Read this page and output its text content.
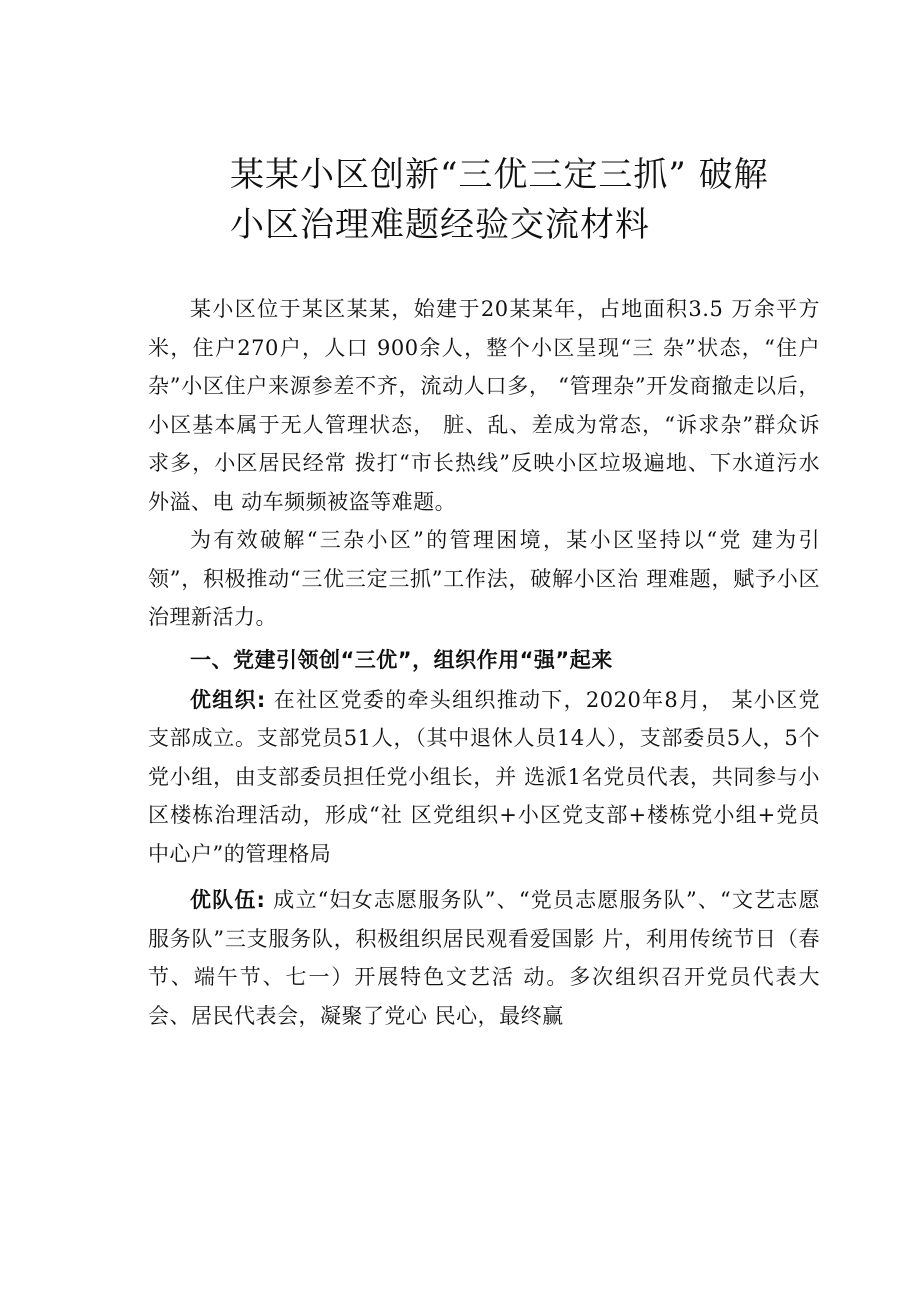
某某小区创新“三优三定三抓” 破解
小区治理难题经验交流材料

某小区位于某区某某，始建于20某某年，占地面积3.5 万余平方米，住户270户，人口 900余人，整个小区呈现“三 杂”状态，“住户杂”小区住户来源参差不齐，流动人口多， “管理杂”开发商撤走以后，小区基本属于无人管理状态， 脏、乱、差成为常态，“诉求杂”群众诉求多，小区居民经常 拨打“市长热线”反映小区垃圾遍地、下水道污水外溢、电 动车频频被盗等难题。

为有效破解“三杂小区”的管理困境，某小区坚持以“党 建为引领”，积极推动“三优三定三抓”工作法，破解小区治 理难题，赋予小区治理新活力。

一、党建引领创“三优”，组织作用“强”起来

优组织: 在社区党委的牵头组织推动下，2020年8月， 某小区党支部成立。支部党员51人，（其中退休人员14人），支部委员5人，5个党小组，由支部委员担任党小组长，并 选派1名党员代表，共同参与小区楼栋治理活动，形成“社 区党组织+小区党支部+楼栋党小组+党员中心户”的管理格局

优队伍: 成立“妇女志愿服务队”、“党员志愿服务队”、“文艺志愿服务队”三支服务队，积极组织居民观看爱国影 片，利用传统节日（春节、端午节、七一）开展特色文艺活 动。多次组织召开党员代表大会、居民代表会，凝聚了党心 民心，最终赢
